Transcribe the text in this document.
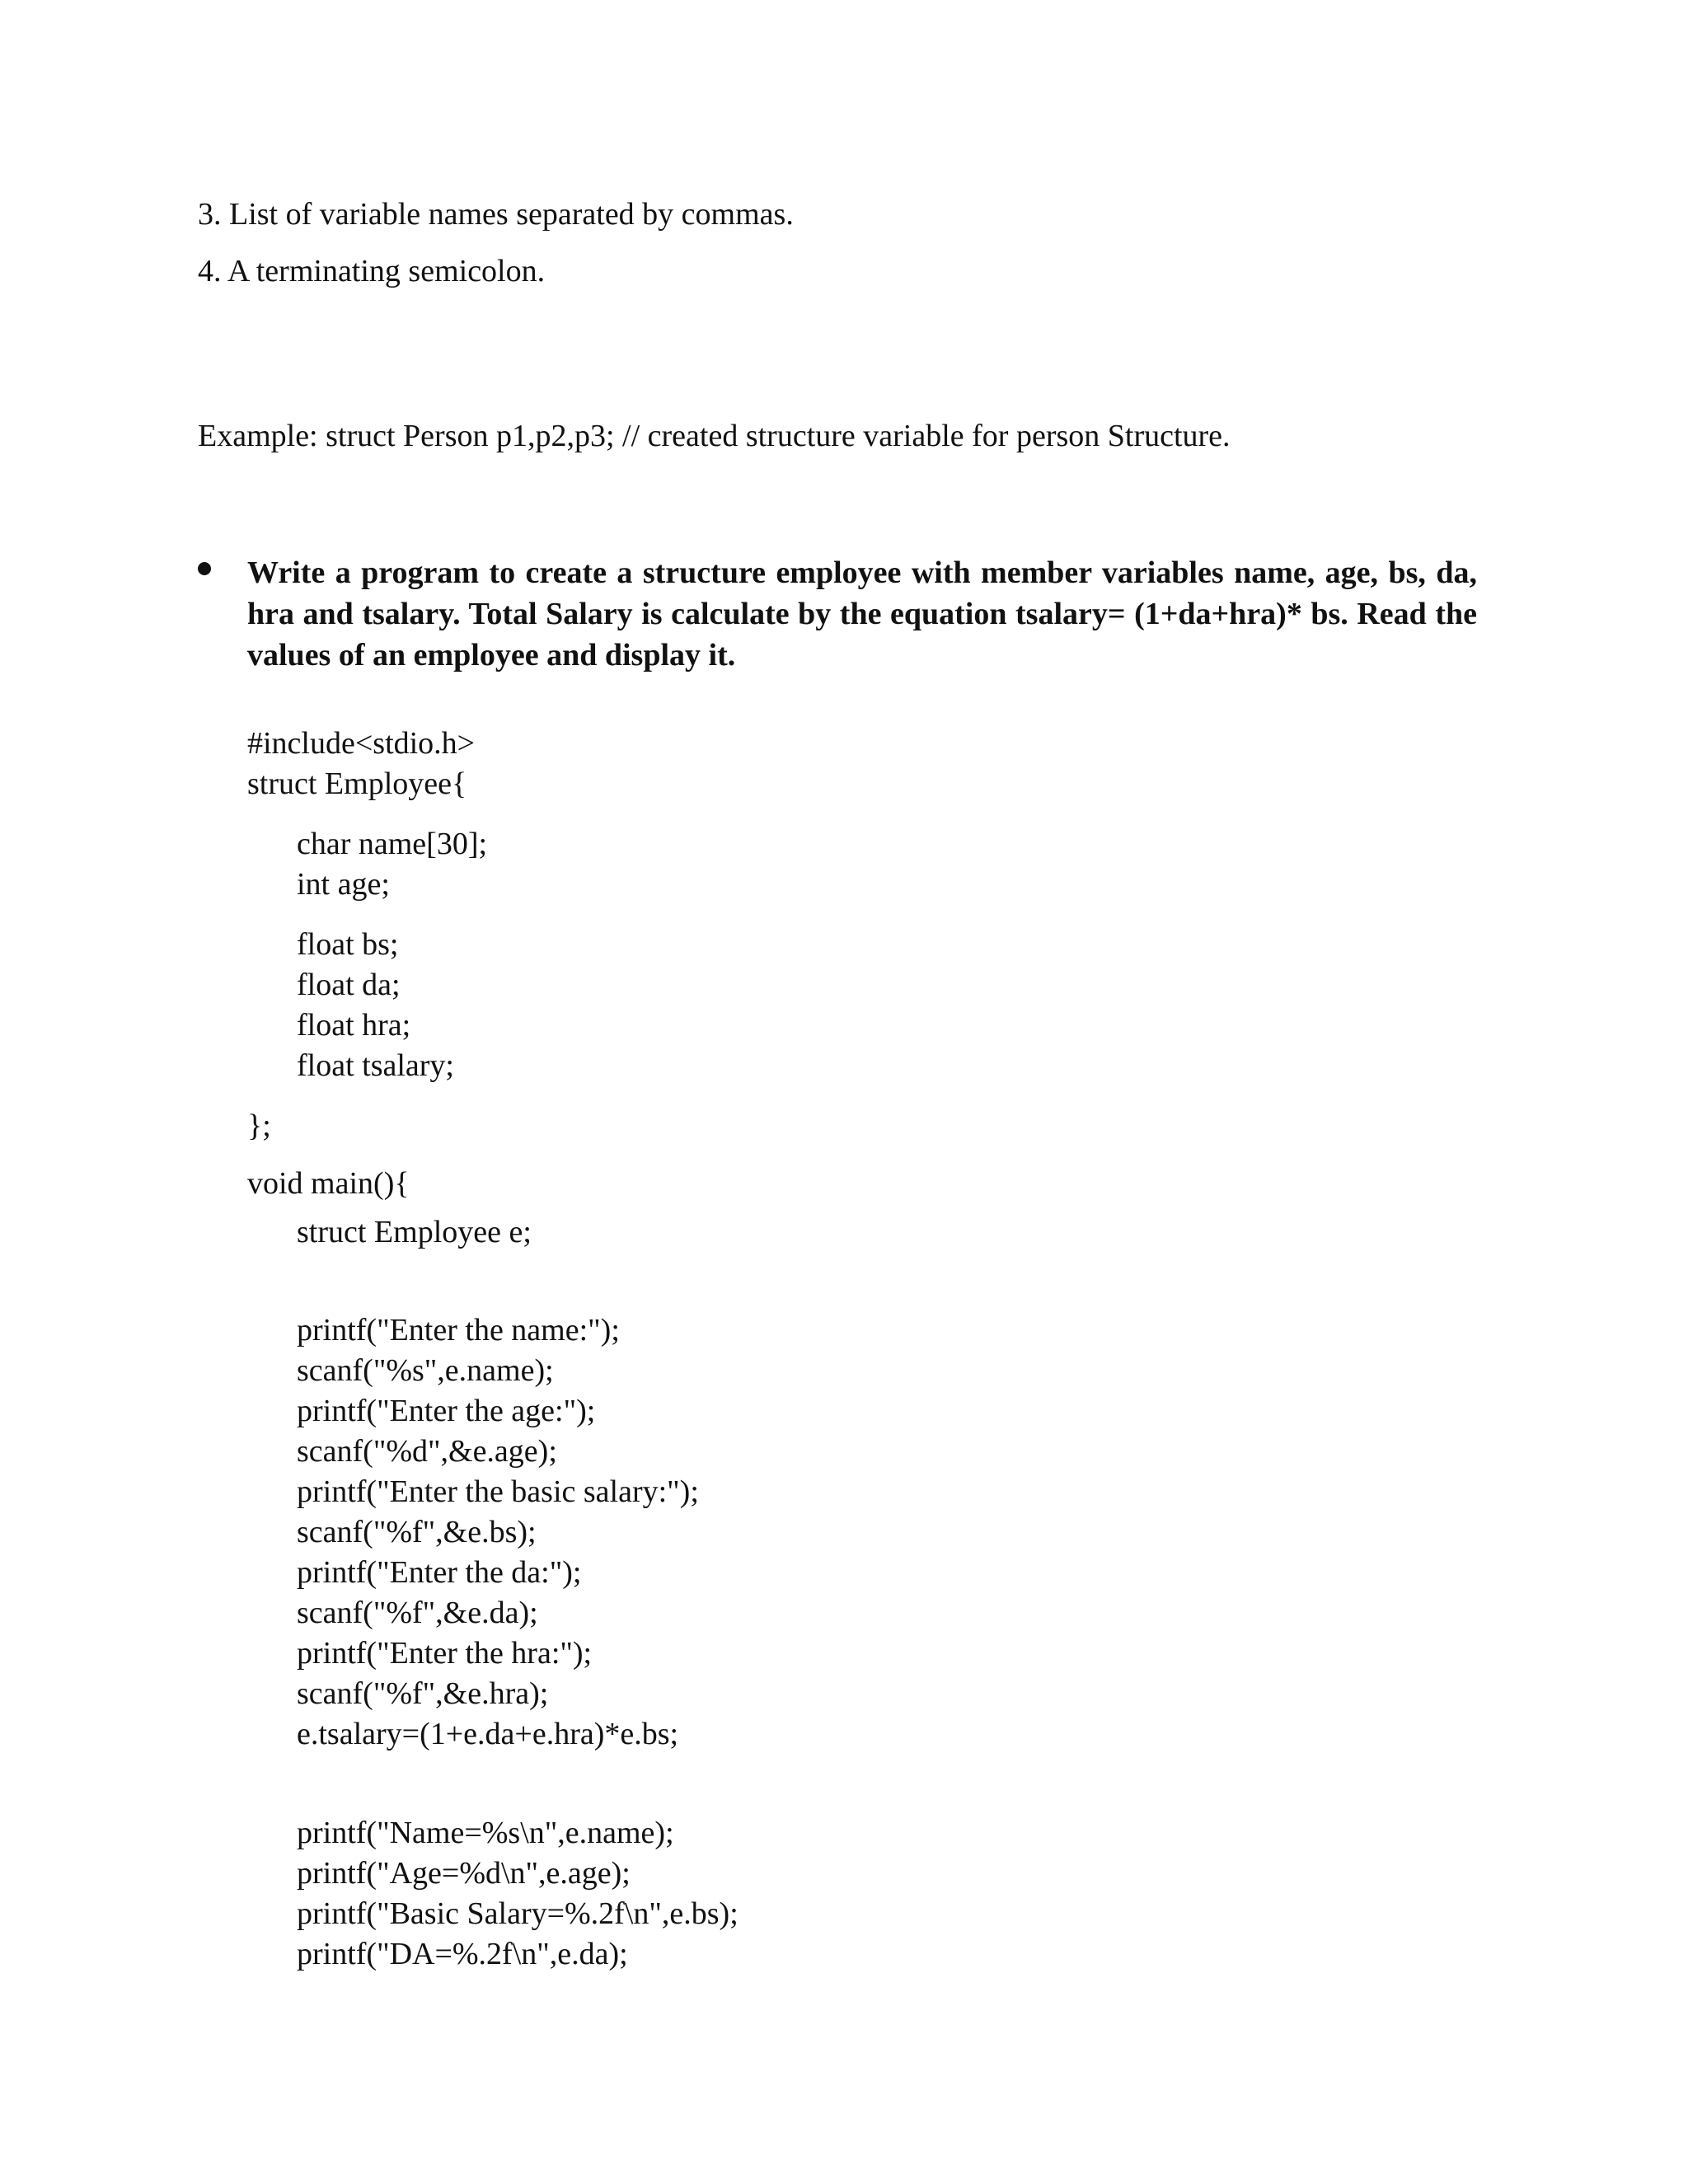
3. List of variable names separated by commas.
4. A terminating semicolon.
Example: struct Person p1,p2,p3; // created structure variable for person Structure.
Write a program to create a structure employee with member variables name, age, bs, da, hra and tsalary. Total Salary is calculate by the equation tsalary= (1+da+hra)* bs. Read the values of an employee and display it.
#include<stdio.h>
struct Employee{
char name[30];
int age;
float bs;
float da;
float hra;
float tsalary;
};
void main(){
struct Employee e;
printf("Enter the name:");
scanf("%s",e.name);
printf("Enter the age:");
scanf("%d",&e.age);
printf("Enter the basic salary:");
scanf("%f",&e.bs);
printf("Enter the da:");
scanf("%f",&e.da);
printf("Enter the hra:");
scanf("%f",&e.hra);
e.tsalary=(1+e.da+e.hra)*e.bs;
printf("Name=%s\n",e.name);
printf("Age=%d\n",e.age);
printf("Basic Salary=%.2f\n",e.bs);
printf("DA=%.2f\n",e.da);
